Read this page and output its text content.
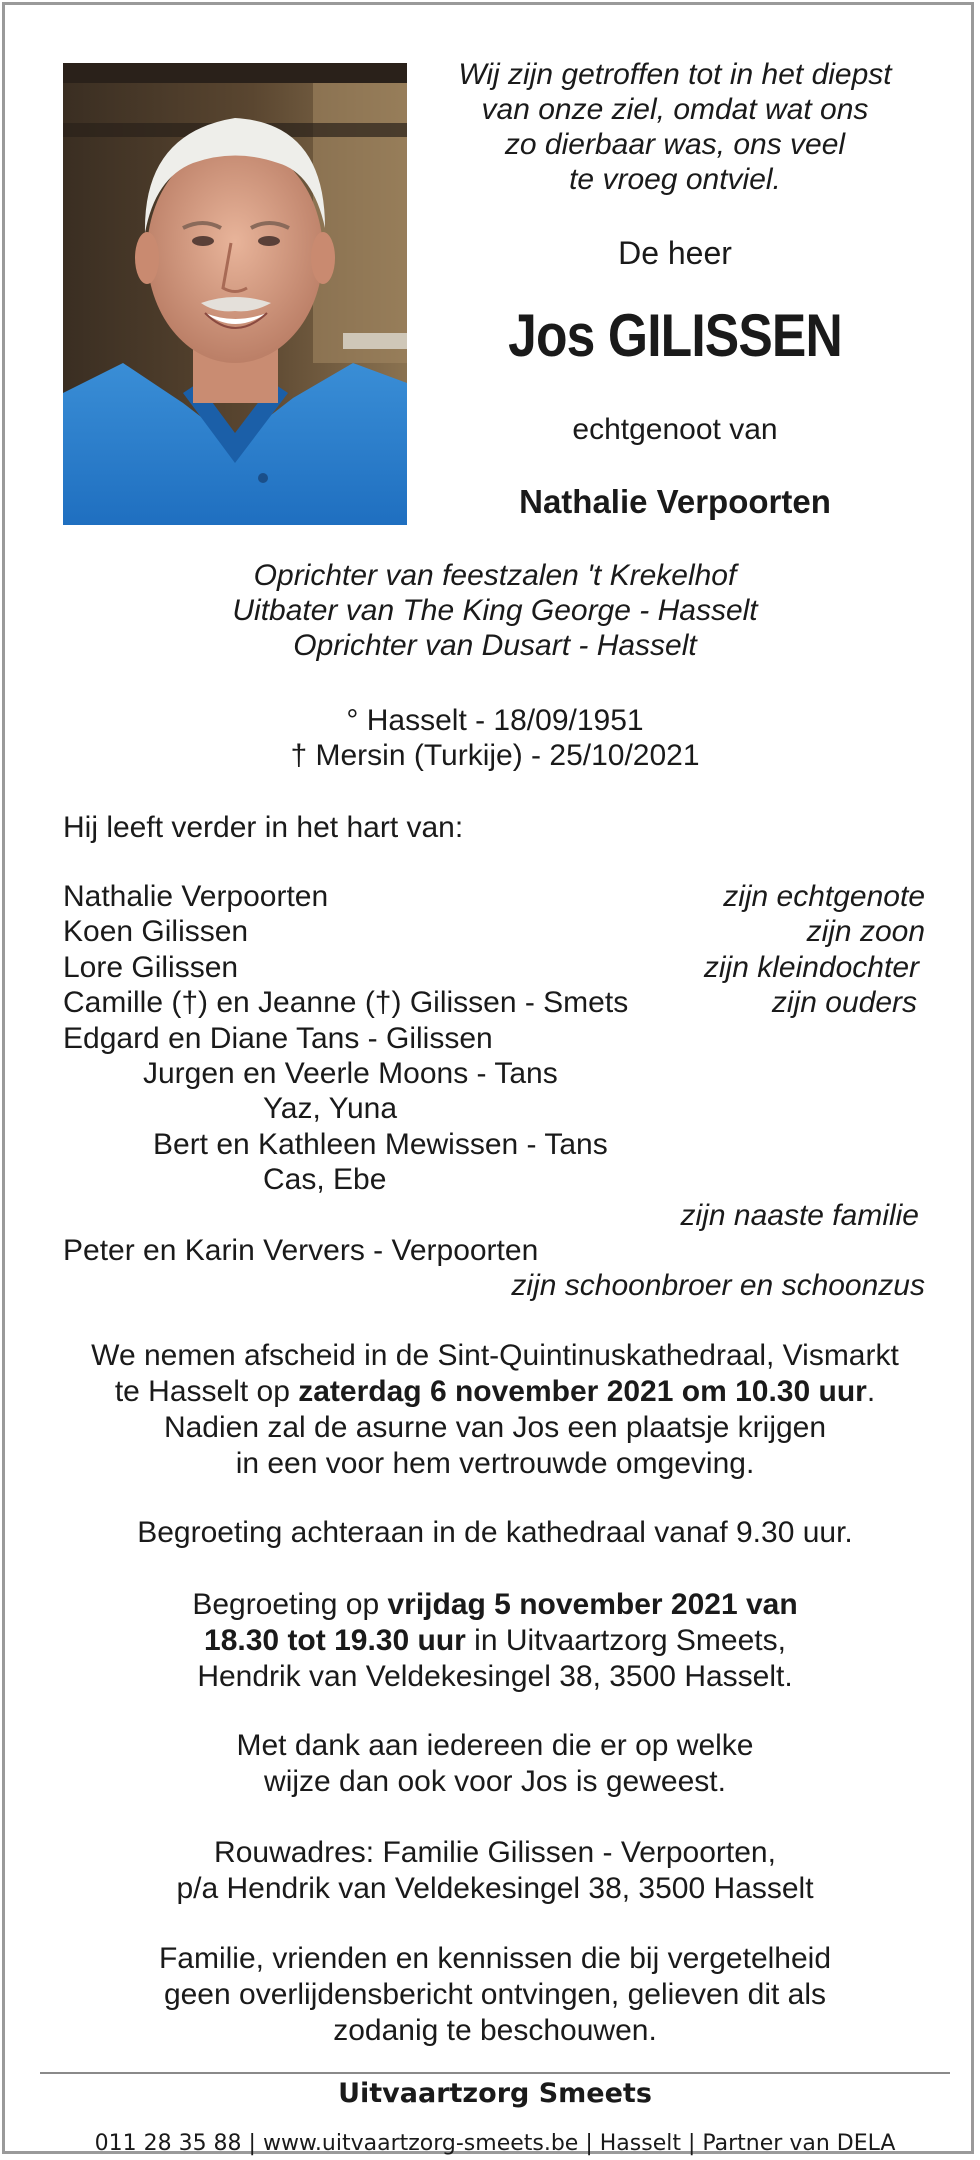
Wij zijn getroffen tot in het diepst
van onze ziel, omdat wat ons
zo dierbaar was, ons veel
te vroeg ontviel.
De heer
Jos GILISSEN
echtgenoot van
Nathalie Verpoorten
Oprichter van feestzalen 't Krekelhof
Uitbater van The King George - Hasselt
Oprichter van Dusart - Hasselt
° Hasselt - 18/09/1951
† Mersin (Turkije) - 25/10/2021
Hij leeft verder in het hart van:
Nathalie Verpoorten	zijn echtgenote
Koen Gilissen	zijn zoon
Lore Gilissen	zijn kleindochter
Camille (†) en Jeanne (†) Gilissen - Smets	zijn ouders
Edgard en Diane Tans - Gilissen
Jurgen en Veerle Moons - Tans
Yaz, Yuna
Bert en Kathleen Mewissen - Tans
Cas, Ebe
zijn naaste familie
Peter en Karin Ververs - Verpoorten
zijn schoonbroer en schoonzus
We nemen afscheid in de Sint-Quintinuskathedraal, Vismarkt
te Hasselt op zaterdag 6 november 2021 om 10.30 uur.
Nadien zal de asurne van Jos een plaatsje krijgen
in een voor hem vertrouwde omgeving.
Begroeting achteraan in de kathedraal vanaf 9.30 uur.
Begroeting op vrijdag 5 november 2021 van
18.30 tot 19.30 uur in Uitvaartzorg Smeets,
Hendrik van Veldekesingel 38, 3500 Hasselt.
Met dank aan iedereen die er op welke
wijze dan ook voor Jos is geweest.
Rouwadres: Familie Gilissen - Verpoorten,
p/a Hendrik van Veldekesingel 38, 3500 Hasselt
Familie, vrienden en kennissen die bij vergetelheid
geen overlijdensbericht ontvingen, gelieven dit als
zodanig te beschouwen.
Uitvaartzorg Smeets
011 28 35 88 | www.uitvaartzorg-smeets.be | Hasselt | Partner van DELA
